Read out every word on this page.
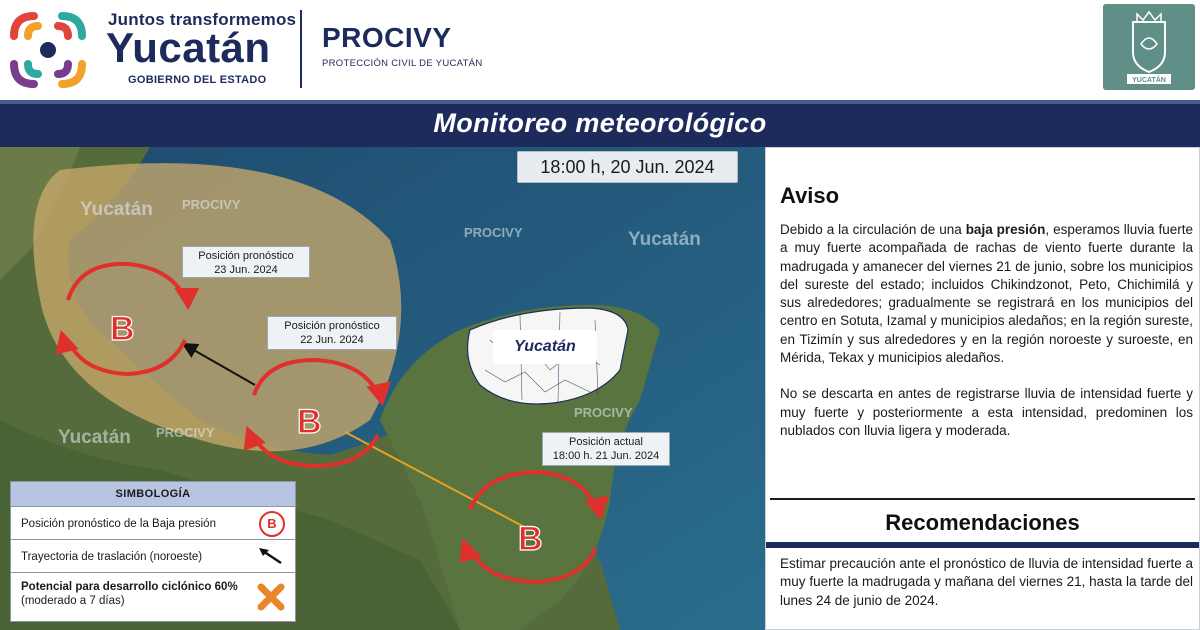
Juntos transformemos
Yucatán
GOBIERNO DEL ESTADO
PROCIVY
PROTECCIÓN CIVIL DE YUCATÁN
YUCATÁN
Monitoreo meteorológico
B
B
B
Yucatán PROCIVY
PROCIVY	Yucatán
Yucatán PROCIVY
PROCIVY
18:00 h, 20 Jun. 2024
Posición pronóstico
23 Jun. 2024
Posición pronóstico
22 Jun. 2024
Posición actual
18:00 h. 21 Jun. 2024
Yucatán
SIMBOLOGÍA
Posición pronóstico de la Baja presión	B
Trayectoria de traslación (noroeste)
Potencial para desarrollo ciclónico 60%
(moderado a 7 días)
Aviso

Debido a la circulación de una baja presión, esperamos lluvia fuerte a muy fuerte acompañada de rachas de viento fuerte durante la madrugada y amanecer del viernes 21 de junio, sobre los municipios del sureste del estado; incluidos Chikindzonot, Peto, Chichimilá y sus alrededores; gradualmente se registrará en los municipios del centro en Sotuta, Izamal y municipios aledaños; en la región sureste, en Tizimín y sus alrededores y en la región noroeste y suroeste, en Mérida, Tekax y municipios aledaños.

No se descarta en antes de registrarse lluvia de intensidad fuerte y muy fuerte y posteriormente a esta intensidad, predominen los nublados con lluvia ligera y moderada.

Recomendaciones
Estimar precaución ante el pronóstico de lluvia de intensidad fuerte a muy fuerte la madrugada y mañana del viernes 21, hasta la tarde del lunes 24 de junio de 2024.
